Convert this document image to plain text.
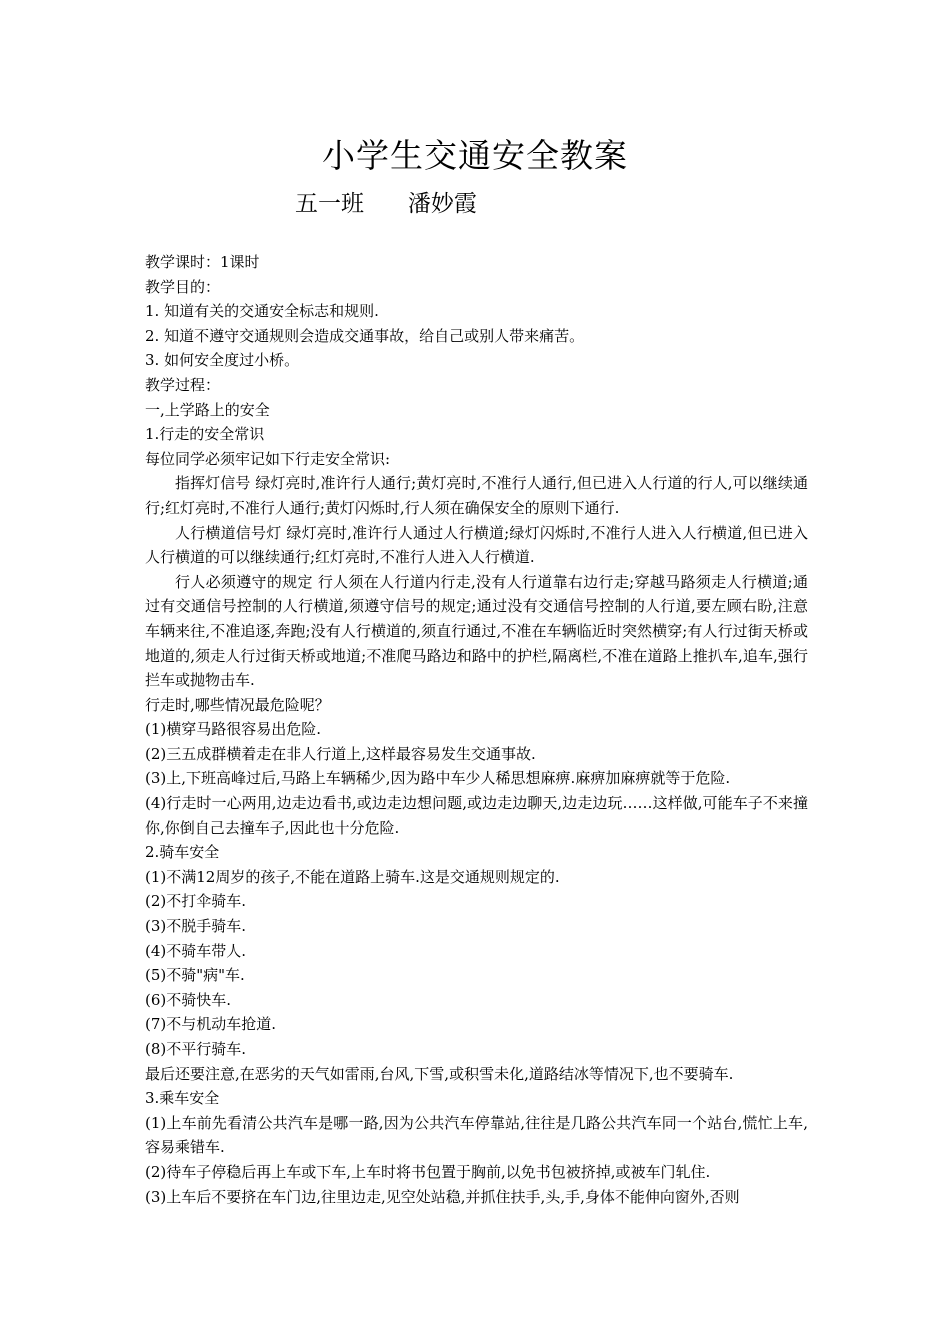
小学生交通安全教案
五一班      潘妙霞

教学课时：1课时

教学目的：

1. 知道有关的交通安全标志和规则.

2. 知道不遵守交通规则会造成交通事故，给自己或别人带来痛苦。

3. 如何安全度过小桥。

教学过程：

一,上学路上的安全

1.行走的安全常识

每位同学必须牢记如下行走安全常识:

指挥灯信号 绿灯亮时,准许行人通行;黄灯亮时,不准行人通行,但已进入人行道的行人,可以继续通行;红灯亮时,不准行人通行;黄灯闪烁时,行人须在确保安全的原则下通行.

人行横道信号灯 绿灯亮时,准许行人通过人行横道;绿灯闪烁时,不准行人进入人行横道,但已进入人行横道的可以继续通行;红灯亮时,不准行人进入人行横道.

行人必须遵守的规定 行人须在人行道内行走,没有人行道靠右边行走;穿越马路须走人行横道;通过有交通信号控制的人行横道,须遵守信号的规定;通过没有交通信号控制的人行道,要左顾右盼,注意车辆来往,不准追逐,奔跑;没有人行横道的,须直行通过,不准在车辆临近时突然横穿;有人行过街天桥或地道的,须走人行过街天桥或地道;不准爬马路边和路中的护栏,隔离栏,不准在道路上推扒车,追车,强行拦车或抛物击车.

行走时,哪些情况最危险呢？

(1)横穿马路很容易出危险.

(2)三五成群横着走在非人行道上,这样最容易发生交通事故.

(3)上,下班高峰过后,马路上车辆稀少,因为路中车少人稀思想麻痹.麻痹加麻痹就等于危险.

(4)行走时一心两用,边走边看书,或边走边想问题,或边走边聊天,边走边玩……这样做,可能车子不来撞你,你倒自己去撞车子,因此也十分危险.

2.骑车安全

(1)不满12周岁的孩子,不能在道路上骑车.这是交通规则规定的.

(2)不打伞骑车.

(3)不脱手骑车.

(4)不骑车带人.

(5)不骑"病"车.

(6)不骑快车.

(7)不与机动车抢道.

(8)不平行骑车.

最后还要注意,在恶劣的天气如雷雨,台风,下雪,或积雪未化,道路结冰等情况下,也不要骑车.

3.乘车安全

(1)上车前先看清公共汽车是哪一路,因为公共汽车停靠站,往往是几路公共汽车同一个站台,慌忙上车,容易乘错车.

(2)待车子停稳后再上车或下车,上车时将书包置于胸前,以免书包被挤掉,或被车门轧住.

(3)上车后不要挤在车门边,往里边走,见空处站稳,并抓住扶手,头,手,身体不能伸向窗外,否则
